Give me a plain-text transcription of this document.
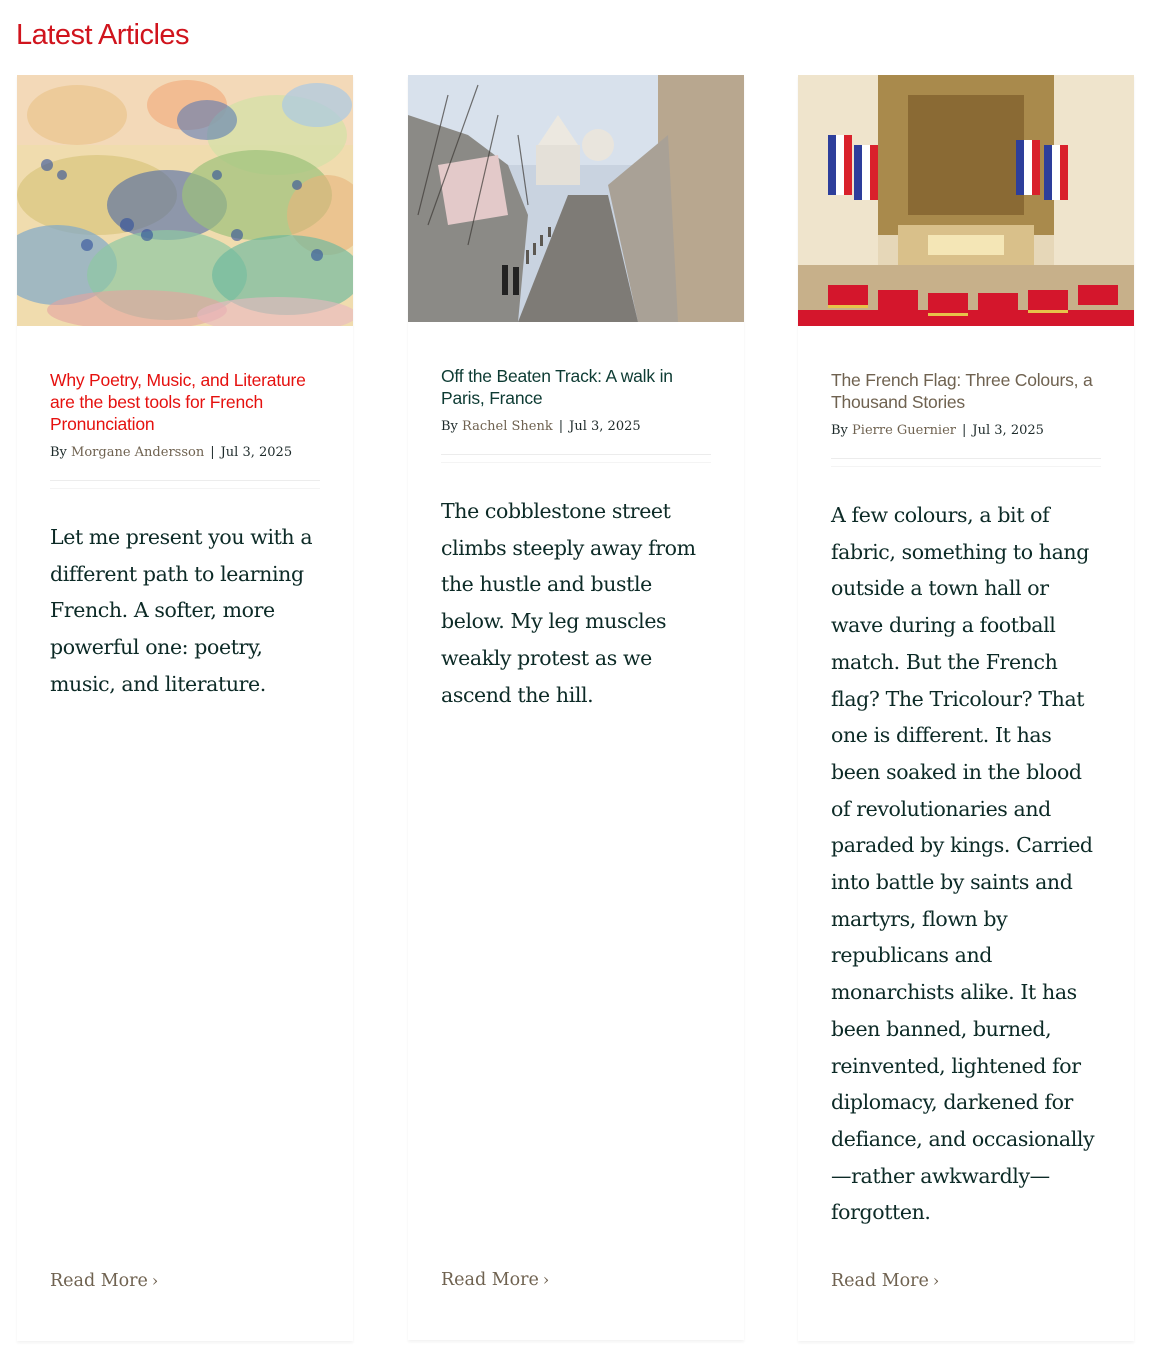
Latest Articles
Why Poetry, Music, and Literature are the best tools for French Pronunciation
By Morgane Andersson | Jul 3, 2025

Let me present you with a different path to learning French. A softer, more powerful one: poetry, music, and literature.

Read More ›
Off the Beaten Track: A walk in Paris, France
By Rachel Shenk | Jul 3, 2025

The cobblestone street climbs steeply away from the hustle and bustle below. My leg muscles weakly protest as we ascend the hill.

Read More ›
The French Flag: Three Colours, a Thousand Stories
By Pierre Guernier | Jul 3, 2025

A few colours, a bit of fabric, something to hang outside a town hall or wave during a football match. But the French flag? The Tricolour? That one is different. It has been soaked in the blood of revolutionaries and paraded by kings. Carried into battle by saints and martyrs, flown by republicans and monarchists alike. It has been banned, burned, reinvented, lightened for diplomacy, darkened for defiance, and occasionally—rather awkwardly—forgotten.

Read More ›
